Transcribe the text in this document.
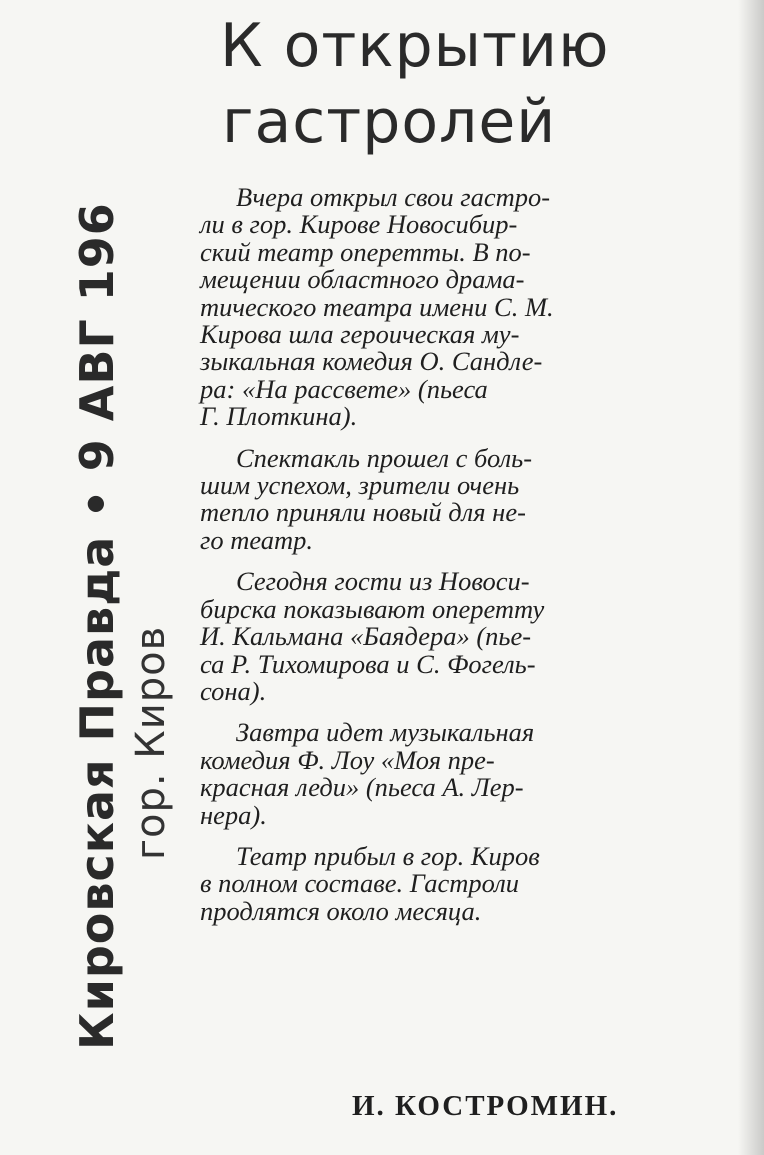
Кировская Правда • 9 АВГ 196
гор. Киров
К открытию
гастролей

Вчера открыл свои гастро-
ли в гор. Кирове Новосибир-
ский театр оперетты. В по-
мещении областного драма-
тического театра имени С. М.
Кирова шла героическая му-
зыкальная комедия О. Сандле-
ра: «На рассвете» (пьеса
Г. Плоткина).

Спектакль прошел с боль-
шим успехом, зрители очень
тепло приняли новый для не-
го театр.

Сегодня гости из Новоси-
бирска показывают оперетту
И. Кальмана «Баядера» (пье-
са Р. Тихомирова и С. Фогель-
сона).

Завтра идет музыкальная
комедия Ф. Лоу «Моя пре-
красная леди» (пьеса А. Лер-
нера).

Театр прибыл в гор. Киров
в полном составе. Гастроли
продлятся около месяца.

И. КОСТРОМИН.
